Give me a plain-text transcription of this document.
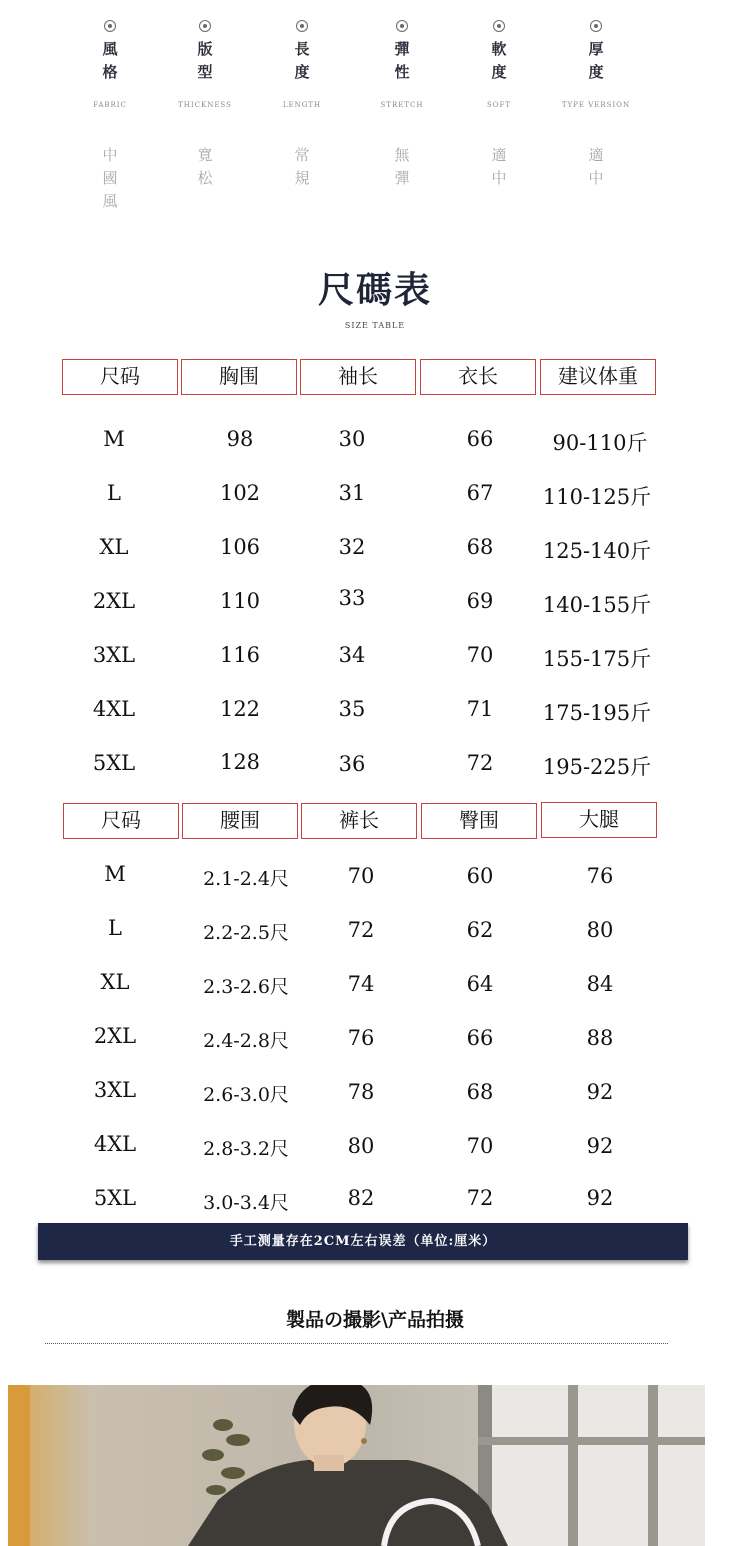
風格
FABRIC
中國風
版型
THICKNESS
寬松
長度
LENGTH
常規
彈性
STRETCH
無彈
軟度
SOFT
適中
厚度
TYPE VERSION
適中
尺碼表
SIZE TABLE
尺码	胸围	袖长	衣长	建议体重
M	98	30	66	90-110斤
L	102	31	67	110-125斤
XL	106	32	68	125-140斤
2XL	110	33	69	140-155斤
3XL	116	34	70	155-175斤
4XL	122	35	71	175-195斤
5XL	128	36	72	195-225斤
尺码	腰围	裤长	臀围	大腿
M	2.1-2.4尺	70	60	76
L	2.2-2.5尺	72	62	80
XL	2.3-2.6尺	74	64	84
2XL	2.4-2.8尺	76	66	88
3XL	2.6-3.0尺	78	68	92
4XL	2.8-3.2尺	80	70	92
5XL	3.0-3.4尺	82	72	92
手工测量存在2CM左右误差（单位:厘米）
製品の撮影\产品拍摄
